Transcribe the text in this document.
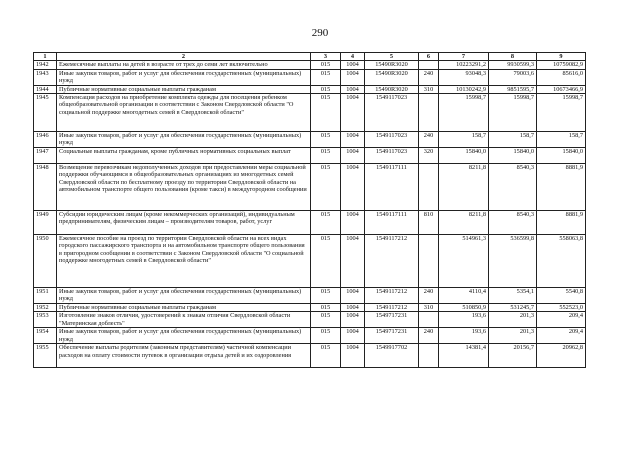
290
1	2	3	4	5	6	7	8	9
1942	Ежемесячные выплаты на детей в возрасте от трех до семи лет включительно	015	1004	15490R3020		10223291,2	9930599,3	10759082,9
1943	Иные закупки товаров, работ и услуг для обеспечения государственных (муниципальных) нужд	015	1004	15490R3020	240	93048,3	79003,6	85616,0
1944	Публичные нормативные социальные выплаты гражданам	015	1004	15490R3020	310	10130242,9	9851595,7	10673466,9
1945	Компенсация расходов на приобретение комплекта одежды для посещения ребенком общеобразовательной организации в соответствии с Законом Свердловской области "О социальной поддержке многодетных семей в Свердловской области"	015	1004	1549117023		15998,7	15998,7	15998,7
1946	Иные закупки товаров, работ и услуг для обеспечения государственных (муниципальных) нужд	015	1004	1549117023	240	158,7	158,7	158,7
1947	Социальные выплаты гражданам, кроме публичных нормативных социальных выплат	015	1004	1549117023	320	15840,0	15840,0	15840,0
1948	Возмещение перевозчикам недополученных доходов при предоставлении меры социальной поддержки обучающимся в общеобразовательных организациях из многодетных семей Свердловской области по бесплатному проезду по территории Свердловской области на автомобильном транспорте общего пользования (кроме такси) в междугородном сообщении	015	1004	1549117111		8211,8	8540,3	8881,9
1949	Субсидии юридическим лицам (кроме некоммерческих организаций), индивидуальным предпринимателям, физическим лицам – производителям товаров, работ, услуг	015	1004	1549117111	810	8211,8	8540,3	8881,9
1950	Ежемесячное пособие на проезд по территории Свердловской области на всех видах городского пассажирского транспорта и на автомобильном транспорте общего пользования в пригородном сообщении в соответствии с Законом Свердловской области "О социальной поддержке многодетных семей в Свердловской области"	015	1004	1549117212		514961,3	536599,8	558063,8
1951	Иные закупки товаров, работ и услуг для обеспечения государственных (муниципальных) нужд	015	1004	1549117212	240	4110,4	5354,1	5540,8
1952	Публичные нормативные социальные выплаты гражданам	015	1004	1549117212	310	510850,9	531245,7	552523,0
1953	Изготовление знаков отличия, удостоверений к знакам отличия Свердловской области "Материнская доблесть"	015	1004	1549717231		193,6	201,3	209,4
1954	Иные закупки товаров, работ и услуг для обеспечения государственных (муниципальных) нужд	015	1004	1549717231	240	193,6	201,3	209,4
1955	Обеспечение выплаты родителям (законным представителям) частичной компенсации расходов на оплату стоимости путевок в организации отдыха детей и их оздоровления	015	1004	1549917702		14381,4	20156,7	20962,8
